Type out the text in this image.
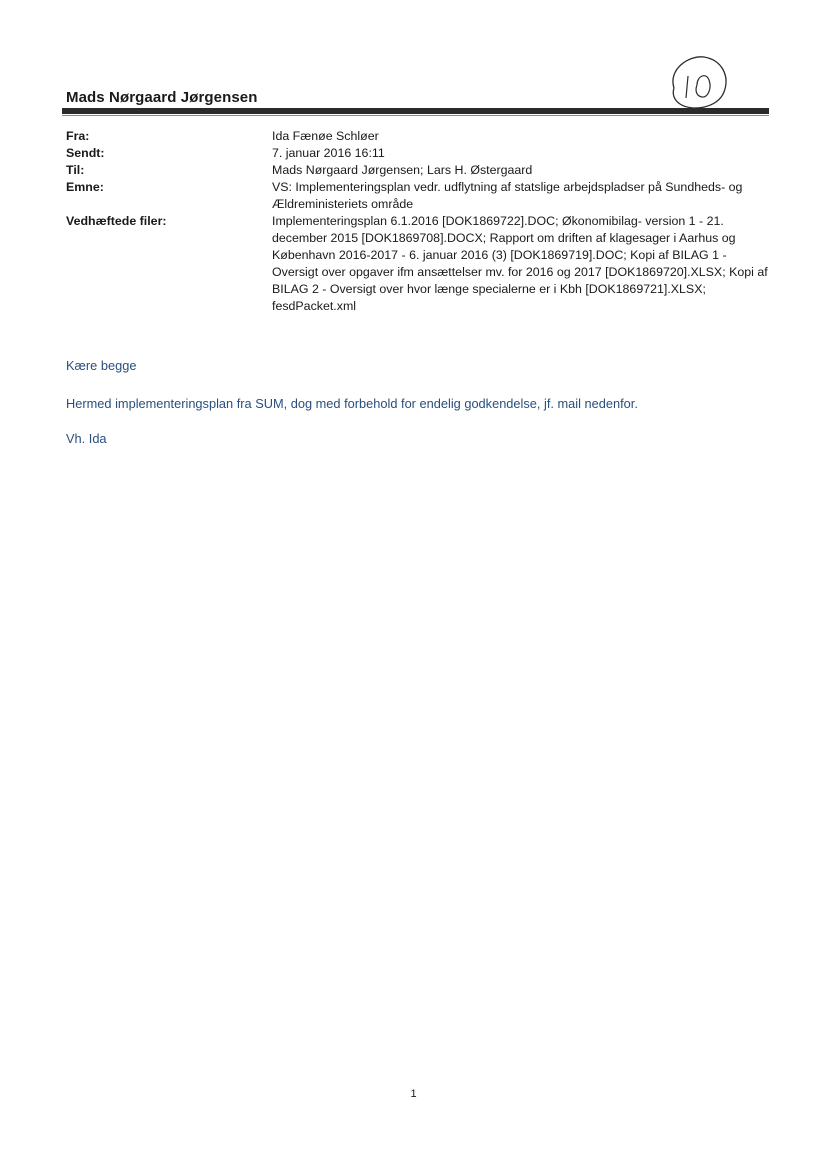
Mads Nørgaard Jørgensen
Fra:	Ida Fænøe Schløer
Sendt:	7. januar 2016 16:11
Til:	Mads Nørgaard Jørgensen; Lars H. Østergaard
Emne:	VS: Implementeringsplan vedr. udflytning af statslige arbejdspladser på Sundheds- og Ældreministeriets område
Vedhæftede filer:	Implementeringsplan 6.1.2016 [DOK1869722].DOC; Økonomibilag- version 1 - 21. december 2015 [DOK1869708].DOCX; Rapport om driften af klagesager i Aarhus og København 2016-2017 - 6. januar 2016 (3) [DOK1869719].DOC; Kopi af BILAG 1 - Oversigt over opgaver ifm ansættelser mv. for 2016 og 2017 [DOK1869720].XLSX; Kopi af BILAG 2 - Oversigt over hvor længe specialerne er i Kbh [DOK1869721].XLSX; fesdPacket.xml
Kære begge
Hermed implementeringsplan fra SUM, dog med forbehold for endelig godkendelse, jf. mail nedenfor.
Vh. Ida
1
